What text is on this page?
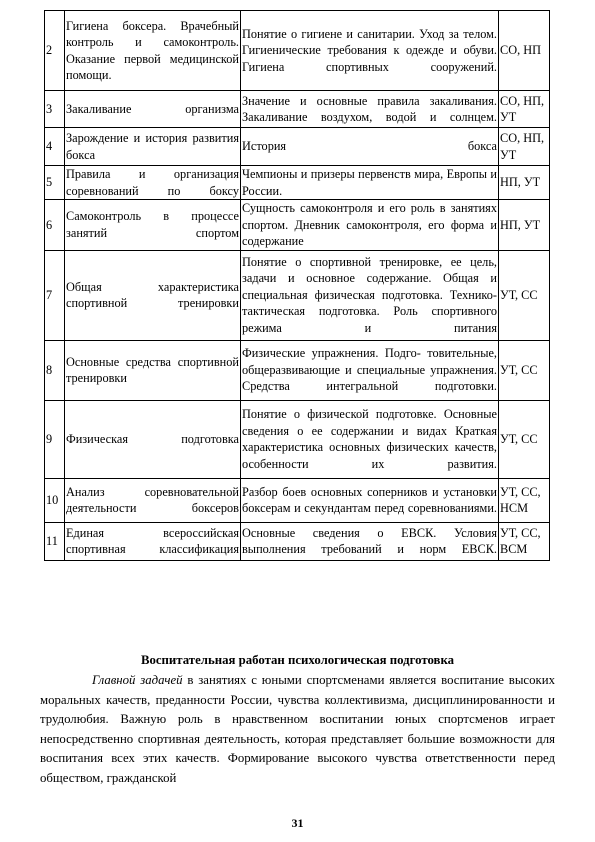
2	Гигиена боксера. Врачебный контроль и самоконтроль. Оказание первой медицинской помощи.	Понятие о гигиене и санитарии. Уход за телом. Гигиенические требования к одежде и обуви. Гигиена спортивных сооружений.	СО, НП
3	Закаливание организма	Значение и основные правила закаливания. Закаливание воздухом, водой и солнцем.	СО, НП, УТ
4	Зарождение и история развития бокса	История бокса	СО, НП, УТ
5	Правила и организация соревнований по боксу	Чемпионы и призеры первенств мира, Европы и России.	НП, УТ
6	Самоконтроль в процессе занятий спортом	Сущность самоконтроля и его роль в занятиях спортом. Дневник самоконтроля, его форма и содержание	НП, УТ
7	Общая характеристика спортивной тренировки	Понятие о спортивной тренировке, ее цель, задачи и основное содержание. Общая и специальная физическая подготовка. Технико-тактическая подготовка. Роль спортивного режима и питания	УТ, СС
8	Основные средства спортивной тренировки	Физические упражнения. Подго- товительные, общеразвивающие и специальные упражнения. Средства интегральной подготовки.	УТ, СС
9	Физическая подготовка	Понятие о физической подготовке. Основные сведения о ее содержании и видах Краткая характеристика основных физических качеств, особенности их развития.	УТ, СС
10	Анализ соревновательной деятельности боксеров	Разбор боев основных соперников и установки боксерам и секундантам перед соревнованиями.	УТ, СС, НСМ
11	Единая всероссийская спортивная классификация	Основные сведения о ЕВСК. Условия выполнения требований и норм ЕВСК.	УТ, СС, ВСМ
Воспитательная работан психологическая подготовка

Главной задачей в занятиях с юными спортсменами является воспитание высоких моральных качеств, преданности России, чувства коллективизма, дисциплинированности и трудолюбия. Важную роль в нравственном воспитании юных спортсменов играет непосредственно спортивная деятельность, которая представляет большие возможности для воспитания всех этих качеств. Формирование высокого чувства ответственности перед обществом, гражданской

31
